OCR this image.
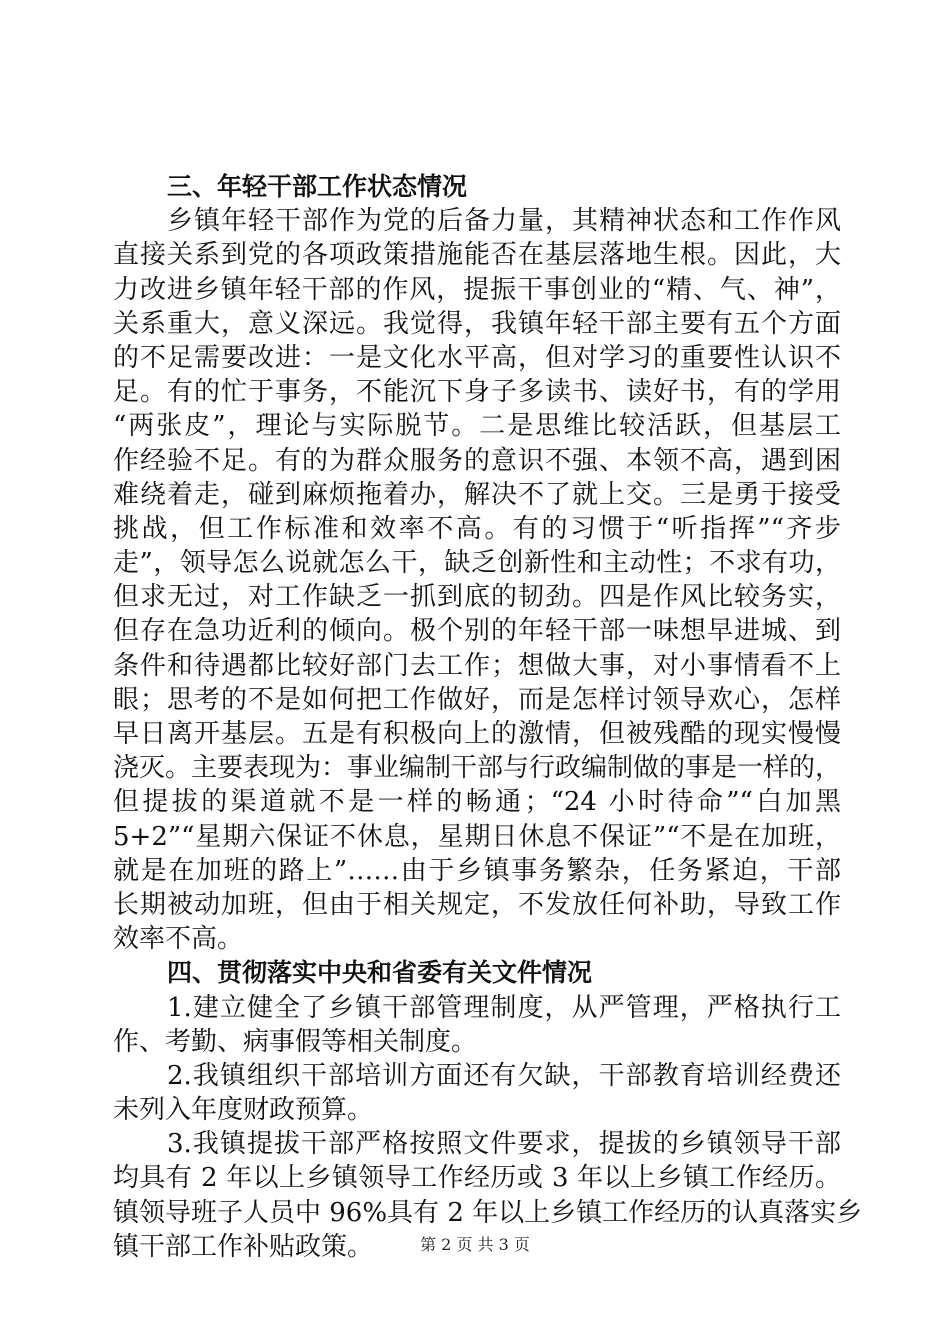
三、年轻干部工作状态情况
乡镇年轻干部作为党的后备力量，其精神状态和工作作风
直接关系到党的各项政策措施能否在基层落地生根。因此，大
力改进乡镇年轻干部的作风，提振干事创业的“精、气、神”，
关系重大，意义深远。我觉得，我镇年轻干部主要有五个方面
的不足需要改进：一是文化水平高，但对学习的重要性认识不
足。有的忙于事务，不能沉下身子多读书、读好书，有的学用
“两张皮”，理论与实际脱节。二是思维比较活跃，但基层工
作经验不足。有的为群众服务的意识不强、本领不高，遇到困
难绕着走，碰到麻烦拖着办，解决不了就上交。三是勇于接受
挑战，但工作标准和效率不高。有的习惯于“听指挥”“齐步
走”，领导怎么说就怎么干，缺乏创新性和主动性；不求有功，
但求无过，对工作缺乏一抓到底的韧劲。四是作风比较务实，
但存在急功近利的倾向。极个别的年轻干部一味想早进城、到
条件和待遇都比较好部门去工作；想做大事，对小事情看不上
眼；思考的不是如何把工作做好，而是怎样讨领导欢心，怎样
早日离开基层。五是有积极向上的激情，但被残酷的现实慢慢
浇灭。主要表现为：事业编制干部与行政编制做的事是一样的，
但提拔的渠道就不是一样的畅通；“24 小时待命”“白加黑
5+2”“星期六保证不休息，星期日休息不保证”“不是在加班，
就是在加班的路上”……由于乡镇事务繁杂，任务紧迫，干部
长期被动加班，但由于相关规定，不发放任何补助，导致工作
效率不高。
四、贯彻落实中央和省委有关文件情况
1.建立健全了乡镇干部管理制度，从严管理，严格执行工
作、考勤、病事假等相关制度。
2.我镇组织干部培训方面还有欠缺，干部教育培训经费还
未列入年度财政预算。
3.我镇提拔干部严格按照文件要求，提拔的乡镇领导干部
均具有 2 年以上乡镇领导工作经历或 3 年以上乡镇工作经历。
镇领导班子人员中 96%具有 2 年以上乡镇工作经历的认真落实乡
镇干部工作补贴政策。	第 2 页 共 3 页
